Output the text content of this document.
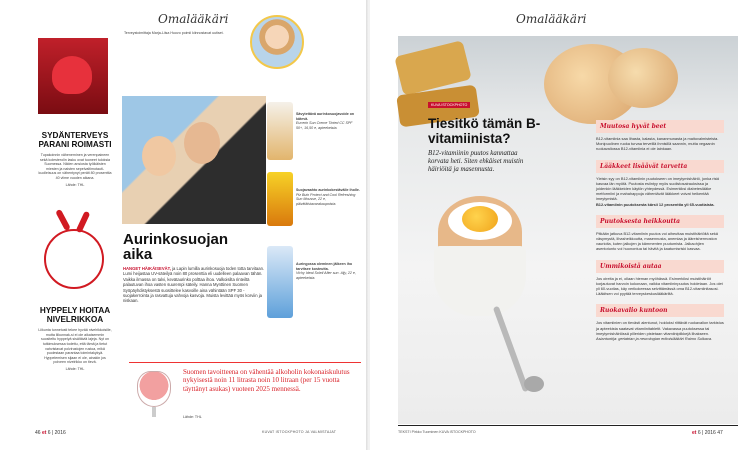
Omalääkäri
Terveystoimittaja Marja-Liisa Huovo poimii kiinnostavat uutiset.
SYDÄNTERVEYS PARANI ROIMASTI
Tupakoinnin väheneminen ja verenpaineen sekä kolesterolin lasku ovat tuoneet tuloksia Suomessa. Niiden ansiosta työikäisten miesten ja naisten sepelvaltimotauti-kuolleisuus on vähentynyt peräti 80 prosenttia 40 viime vuoden aikana.
Lähde: THL
HYPPELY HOITAA NIVELRIKKOA
Liikunta tunnetusti tekee hyvää nivelrikkoisille, mutta liikunnak-si ei ole aikaisemmin suositeltu hyppelyä sisältäviä lajeja. Nyt on tutkimuksessa todettu, että tämä ja tietut vahvistavat polvirustojen rustoa, mikä puolestaan parantaa toimintakykyä. Hyppelemisen sijaan ei ole, ainakin jos polveen nivelrikko on tievä.
Lähde: THL
Aurinkosuojan
aika
HANGET HÄIKÄISEVÄT, ja Lapin lumilla aurinkosuoja toden totta tarvitaan. Lumi heijastaa UV-säteilyä noin 80 prosenttia eli uudelleen palaavan tähän. Vaikka ilmassa on talvi, kevätaurinko polttaa ihoa. Valkoisilta rinteiltä palautuvan ihoa vasten suurempi säteily. Hanna Mynttinen Suomen Syöpäyhdistyksestä suosittelee kasvoille aina vähintään SPF 30 -suojakerrointa ja rasvattuja vahvoja kasvoja. Muista levittää myös korviin ja niskaan.
Sävytettävä aurinkosuojavoide on kätevä.
Eucerin Sun Creme Tinted CC SPF 50+, 16,50 e, apteekeista.
Suojavaahto aurinkokestävälle iholle.
Piz Buin Protect and Cool Refreshing Sun Mousse, 22 e, päivittäistavarakaupoista.
Auringossa oleminen jälkeen iho tarvitsee kosteutta.
Vichy Ideal Soleil After sun -öljy, 22 e, apteekeista.
Suomen tavoitteena on vähentää alkoholin kokonaiskulutus nykyisestä noin 11 litrasta noin 10 litraan (per 15 vuotta täyttänyt asukas) vuoteen 2025 mennessä.
Lähde: THL
46 et 6 | 2016	KUVAT ISTOCKPHOTO JA VALMISTAJAT
Omalääkäri
KUVA ISTOCKPHOTO
Tiesitkö tämän B-vitamiinista?
B12-vitamiinin puutos kannattaa korvata heti. Siten ehkäiset muistin häiriöitä ja masennusta.
Muutosa hyvät beet

B12-vitamiinia saa lihasta, kalasta, kananmunasta ja maitovalmisteista. Monipuolinen ruoka turvaa terveillä ihmisillä saannin, mutta vegaanin ruokavaliossa B12-vitamiinia ei ole lainkaan.

Lääkkeet lisäävät tarvetta

Yleisin syy on B12-vitamiinin puutokseen on imeytymishäiriö, jonka riski kasvaa iän myötä. Puutosta esiintyy myös suolistosairauksissa ja joidenkin lääkkeiden käytön yhteydessä. Esimerkiksi diabeteslääke metformiini ja mahahappoja vähentävät lääkkeet voivat heikentää imeytymistä.

B12-vitamiinin puutoksesta kärsii 12 prosenttia yli 65-vuotiaista.

Puutoksesta heikkoutta

Pitkään jatkuva B12-vitamiinin puutos voi aiheuttaa muistihäiriöitä sekä väsymystä, lihasheikkoutta, masennusta, anemiaa ja ääreishermoston vaurioita, kuten jalkojen ja kämmenten puutumista. Jalkaohjien asentotunto voi huonontua tai hävitä ja kaatumisriski kasvaa.

Ummikoistä autaa

Jos oireita ja ei, ollaan hieman myöhässä. Esimerkiksi muistihäiriöt korjautuvat harvoin kokonaan, vaikka vitamiininpuutos hoidetaan. Jos olet yli 60-vuotias, käy verikokeessa selvittämässä oma B12-vitamiinitasosi. Lääkitsen voi pyytää terveyskeskuslääkäriltä.

Ruokavalio kuntoon

Jos vitamiinien on tievästi alentunut, hoidoksi riittävät ruokavalion tarkistus ja apteekista saatavat vitamiinitabletit. Vakavassa puutoksessa tai imeytymishäiriössä pilleriden pistetaan vitamiinipiikkejä lihakseen.

Asiantuntija: geriatrian ja neurologian erikoislääkäri Raimo Sulkava.

TEKSTI Pirkko Tuominen KUVA ISTOCKPHOTO	et 6 | 2016 47
